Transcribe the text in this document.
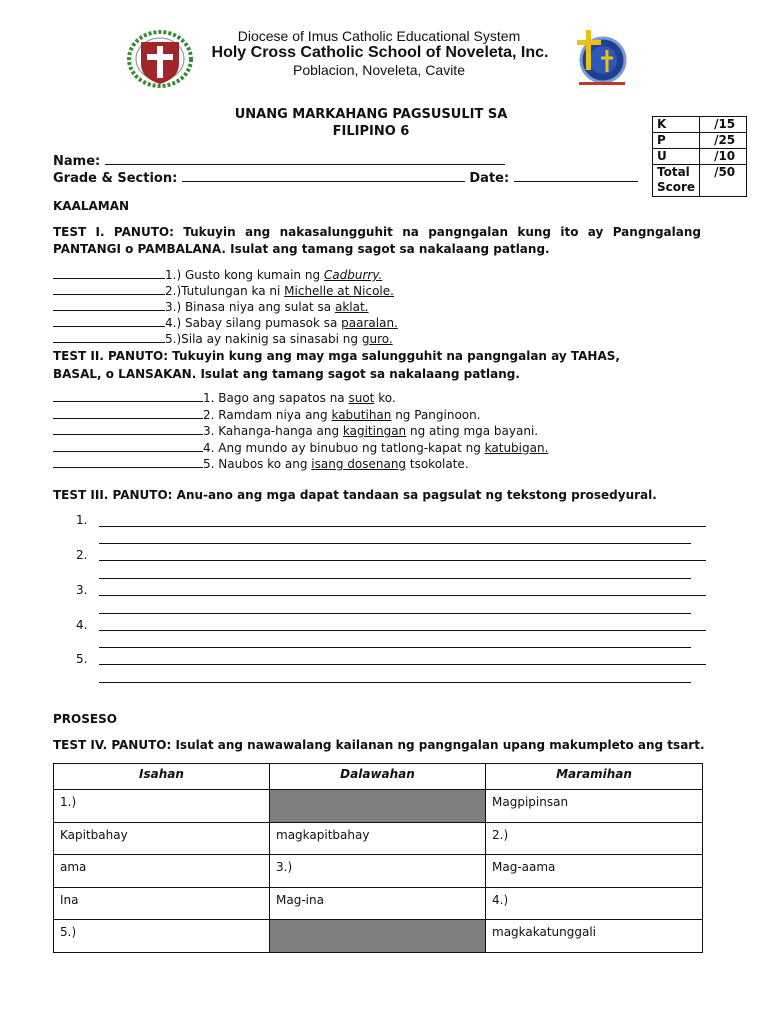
Diocese of Imus Catholic Educational System
Holy Cross Catholic School of Noveleta, Inc.
Poblacion, Noveleta, Cavite
UNANG MARKAHANG PAGSUSULIT SA
FILIPINO 6	K	/15
P	/25
U	/10
Total Score	/50
Name:
Grade & Section:	Date:
KAALAMAN
TEST I. PANUTO: Tukuyin ang nakasalungguhit na pangngalan kung ito ay Pangngalang PANTANGI o PAMBALANA. Isulat ang tamang sagot sa nakalaang patlang.
1.) Gusto kong kumain ng Cadburry.
2.)Tutulungan ka ni Michelle at Nicole.
3.) Binasa niya ang sulat sa aklat.
4.) Sabay silang pumasok sa paaralan.
5.)Sila ay nakinig sa sinasabi ng guro.
TEST II. PANUTO: Tukuyin kung ang may mga salungguhit na pangngalan ay TAHAS, BASAL, o LANSAKAN. Isulat ang tamang sagot sa nakalaang patlang.
1. Bago ang sapatos na suot ko.
2. Ramdam niya ang kabutihan ng Panginoon.
3. Kahanga-hanga ang kagitingan ng ating mga bayani.
4. Ang mundo ay binubuo ng tatlong-kapat ng katubigan.
5. Naubos ko ang isang dosenang tsokolate.
TEST III. PANUTO: Anu-ano ang mga dapat tandaan sa pagsulat ng tekstong prosedyural.
1.
2.
3.
4.
5.
PROSESO
TEST IV. PANUTO: Isulat ang nawawalang kailanan ng pangngalan upang makumpleto ang tsart.
Isahan	Dalawahan	Maramihan
1.)		Magpipinsan
Kapitbahay	magkapitbahay	2.)
ama	3.)	Mag-aama
Ina	Mag-ina	4.)
5.)		magkakatunggali
